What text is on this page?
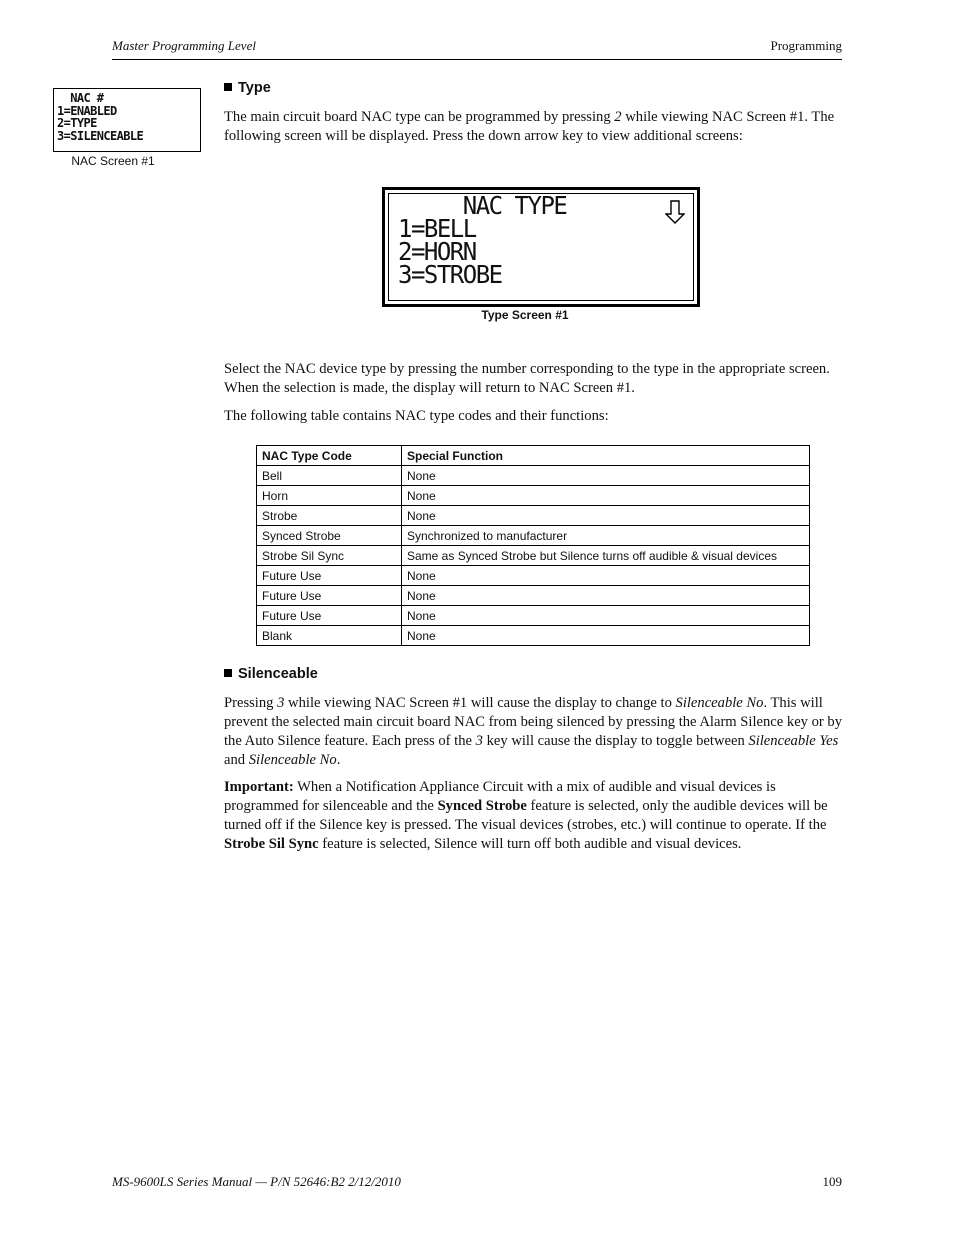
Master Programming Level	Programming
NAC #
1=ENABLED
2=TYPE
3=SILENCEABLE
NAC Screen #1
Type
The main circuit board NAC type can be programmed by pressing 2 while viewing NAC Screen #1. The following screen will be displayed. Press the down arrow key to view additional screens:
NAC TYPE
1=BELL
2=HORN
3=STROBE
Type Screen #1
Select the NAC device type by pressing the number corresponding to the type in the appropriate screen. When the selection is made, the display will return to NAC Screen #1.
The following table contains NAC type codes and their functions:
NAC Type Code	Special Function
Bell	None
Horn	None
Strobe	None
Synced Strobe	Synchronized to manufacturer
Strobe Sil Sync	Same as Synced Strobe but Silence turns off audible & visual devices
Future Use	None
Future Use	None
Future Use	None
Blank	None
Silenceable
Pressing 3 while viewing NAC Screen #1 will cause the display to change to Silenceable No. This will prevent the selected main circuit board NAC from being silenced by pressing the Alarm Silence key or by the Auto Silence feature. Each press of the 3 key will cause the display to toggle between Silenceable Yes and Silenceable No.
Important: When a Notification Appliance Circuit with a mix of audible and visual devices is programmed for silenceable and the Synced Strobe feature is selected, only the audible devices will be turned off if the Silence key is pressed. The visual devices (strobes, etc.) will continue to operate. If the Strobe Sil Sync feature is selected, Silence will turn off both audible and visual devices.
MS-9600LS Series Manual — P/N 52646:B2 2/12/2010	109
